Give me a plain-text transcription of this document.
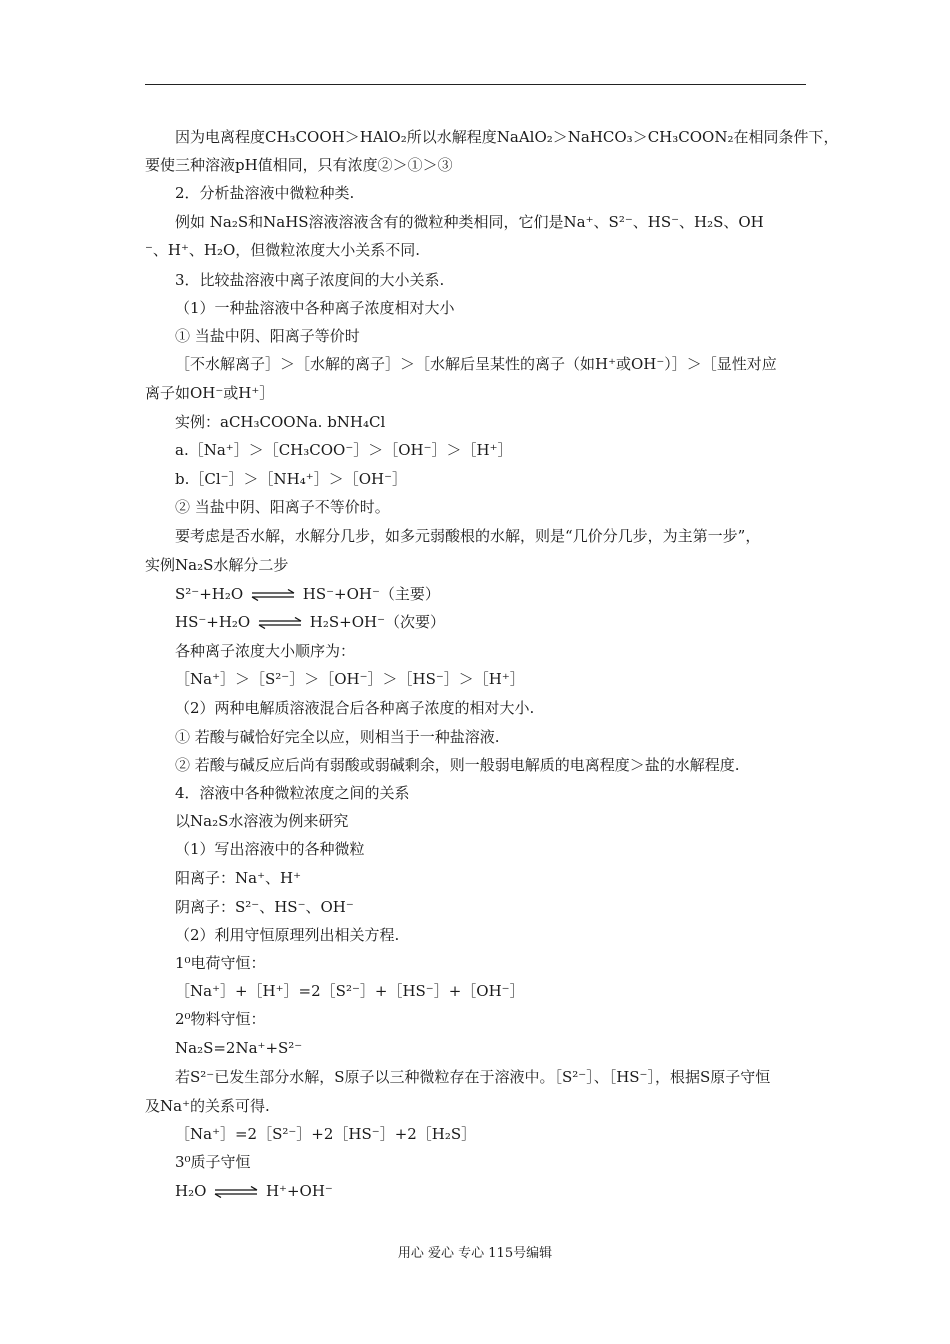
因为电离程度CH₃COOH＞HAlO₂所以水解程度NaAlO₂＞NaHCO₃＞CH₃COON₂在相同条件下，
要使三种溶液pH值相同，只有浓度②＞①＞③
2．分析盐溶液中微粒种类.
例如 Na₂S和NaHS溶液溶液含有的微粒种类相同，它们是Na⁺、S²⁻、HS⁻、H₂S、OH
⁻、H⁺、H₂O，但微粒浓度大小关系不同.
3．比较盐溶液中离子浓度间的大小关系.
（1）一种盐溶液中各种离子浓度相对大小
① 当盐中阴、阳离子等价时
［不水解离子］＞［水解的离子］＞［水解后呈某性的离子（如H⁺或OH⁻）］＞［显性对应
离子如OH⁻或H⁺］
实例：aCH₃COONa. bNH₄Cl
a.［Na⁺］＞［CH₃COO⁻］＞［OH⁻］＞［H⁺］
b.［Cl⁻］＞［NH₄⁺］＞［OH⁻］
② 当盐中阴、阳离子不等价时。
要考虑是否水解，水解分几步，如多元弱酸根的水解，则是“几价分几步，为主第一步”，
实例Na₂S水解分二步
S²⁻+H₂O ⇌ HS⁻+OH⁻（主要）
HS⁻+H₂O ⇌ H₂S+OH⁻（次要）
各种离子浓度大小顺序为：
［Na⁺］＞［S²⁻］＞［OH⁻］＞［HS⁻］＞［H⁺］
（2）两种电解质溶液混合后各种离子浓度的相对大小.
① 若酸与碱恰好完全以应，则相当于一种盐溶液.
② 若酸与碱反应后尚有弱酸或弱碱剩余，则一般弱电解质的电离程度＞盐的水解程度.
4．溶液中各种微粒浓度之间的关系
以Na₂S水溶液为例来研究
（1）写出溶液中的各种微粒
阳离子：Na⁺、H⁺
阴离子：S²⁻、HS⁻、OH⁻
（2）利用守恒原理列出相关方程.
1⁰电荷守恒：
［Na⁺］+［H⁺］=2［S²⁻］+［HS⁻］+［OH⁻］
2⁰物料守恒：
Na₂S=2Na⁺+S²⁻
若S²⁻已发生部分水解，S原子以三种微粒存在于溶液中。［S²⁻］、［HS⁻］，根据S原子守恒
及Na⁺的关系可得.
［Na⁺］=2［S²⁻］+2［HS⁻］+2［H₂S］
3⁰质子守恒
H₂O ⇌ H⁺+OH⁻
用心 爱心 专心 115号编辑
